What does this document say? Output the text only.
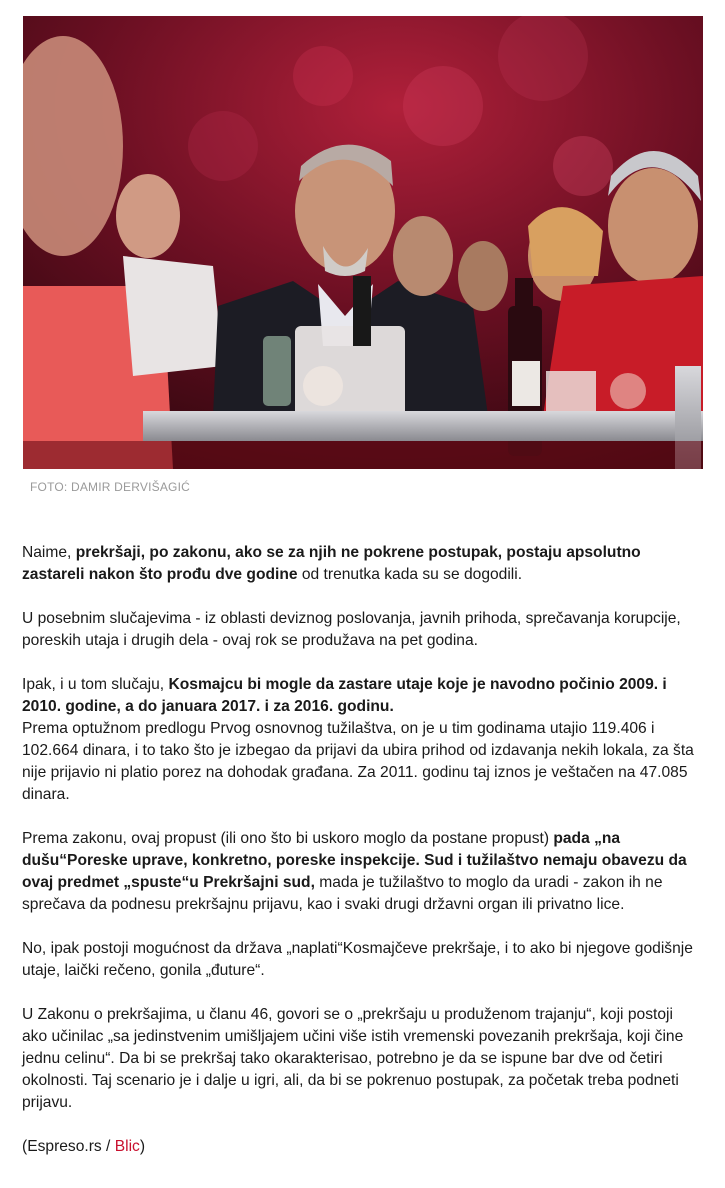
FOTO: DAMIR DERVIŠAGIĆ

Naime, prekršaji, po zakonu, ako se za njih ne pokrene postupak, postaju apsolutno zastareli nakon što prođu dve godine od trenutka kada su se dogodili.

U posebnim slučajevima - iz oblasti deviznog poslovanja, javnih prihoda, sprečavanja korupcije, poreskih utaja i drugih dela - ovaj rok se produžava na pet godina.

Ipak, i u tom slučaju, Kosmajcu bi mogle da zastare utaje koje je navodno počinio 2009. i 2010. godine, a do januara 2017. i za 2016. godinu.
Prema optužnom predlogu Prvog osnovnog tužilaštva, on je u tim godinama utajio 119.406 i 102.664 dinara, i to tako što je izbegao da prijavi da ubira prihod od izdavanja nekih lokala, za šta nije prijavio ni platio porez na dohodak građana. Za 2011. godinu taj iznos je veštačen na 47.085 dinara.

Prema zakonu, ovaj propust (ili ono što bi uskoro moglo da postane propust) pada „na dušu“Poreske uprave, konkretno, poreske inspekcije. Sud i tužilaštvo nemaju obavezu da ovaj predmet „spuste“u Prekršajni sud, mada je tužilaštvo to moglo da uradi - zakon ih ne sprečava da podnesu prekršajnu prijavu, kao i svaki drugi državni organ ili privatno lice.

No, ipak postoji mogućnost da država „naplati“Kosmajčeve prekršaje, i to ako bi njegove godišnje utaje, laički rečeno, gonila „đuture“.

U Zakonu o prekršajima, u članu 46, govori se o „prekršaju u produženom trajanju“, koji postoji ako učinilac „sa jedinstvenim umišljajem učini više istih vremenski povezanih prekršaja, koji čine jednu celinu“. Da bi se prekršaj tako okarakterisao, potrebno je da se ispune bar dve od četiri okolnosti. Taj scenario je i dalje u igri, ali, da bi se pokrenuo postupak, za početak treba podneti prijavu.

(Espreso.rs / Blic)
